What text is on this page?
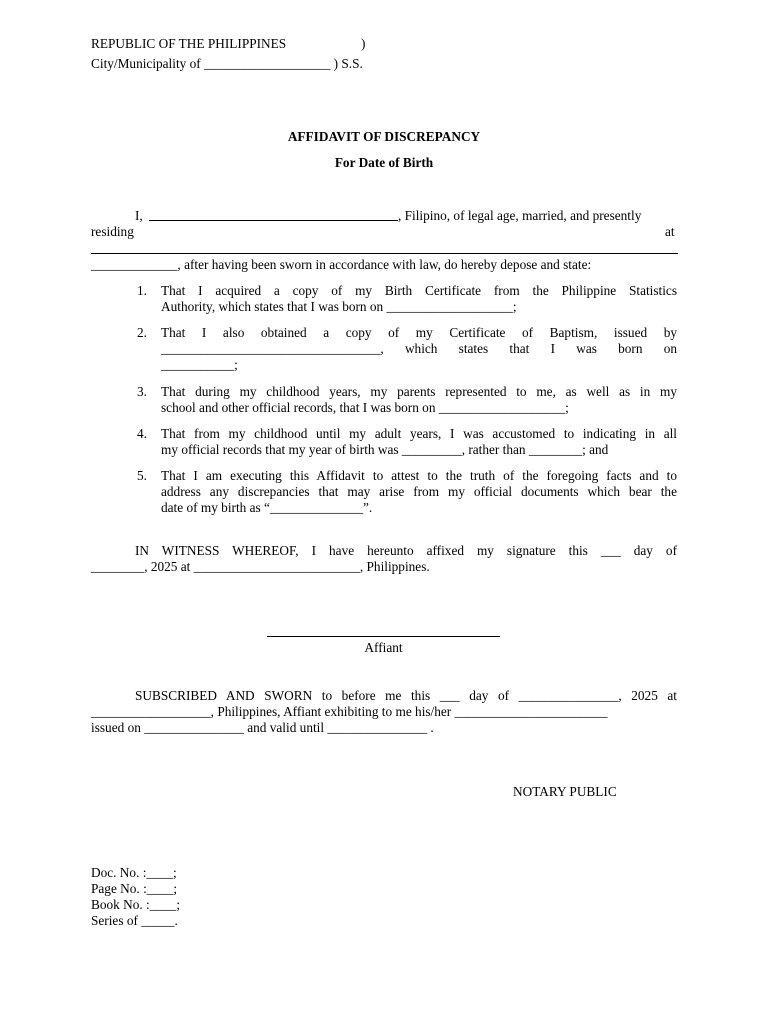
REPUBLIC OF THE PHILIPPINES	)
City/Municipality of ___________________ ) S.S.
AFFIDAVIT OF DISCREPANCY
For Date of Birth
I,	, Filipino, of legal age, married, and presently
residing	at
_____________, after having been sworn in accordance with law, do hereby depose and state:
1.	That I acquired a copy of my Birth Certificate from the Philippine Statistics
Authority, which states that I was born on ___________________;
2.	That I also obtained a copy of my Certificate of Baptism, issued by
_________________________________, which states that I was born on
___________;
3.	That during my childhood years, my parents represented to me, as well as in my
school and other official records, that I was born on ___________________;
4.	That from my childhood until my adult years, I was accustomed to indicating in all
my official records that my year of birth was _________, rather than ________; and
5.	That I am executing this Affidavit to attest to the truth of the foregoing facts and to
address any discrepancies that may arise from my official documents which bear the
date of my birth as “______________”.
IN WITNESS WHEREOF, I have hereunto affixed my signature this ___ day of
________, 2025 at _________________________, Philippines.
Affiant
SUBSCRIBED AND SWORN to before me this ___ day of _______________, 2025 at
__________________, Philippines, Affiant exhibiting to me his/her _______________________
issued on _______________ and valid until _______________ .
NOTARY PUBLIC
Doc. No. :____;
Page No. :____;
Book No. :____;
Series of _____.
